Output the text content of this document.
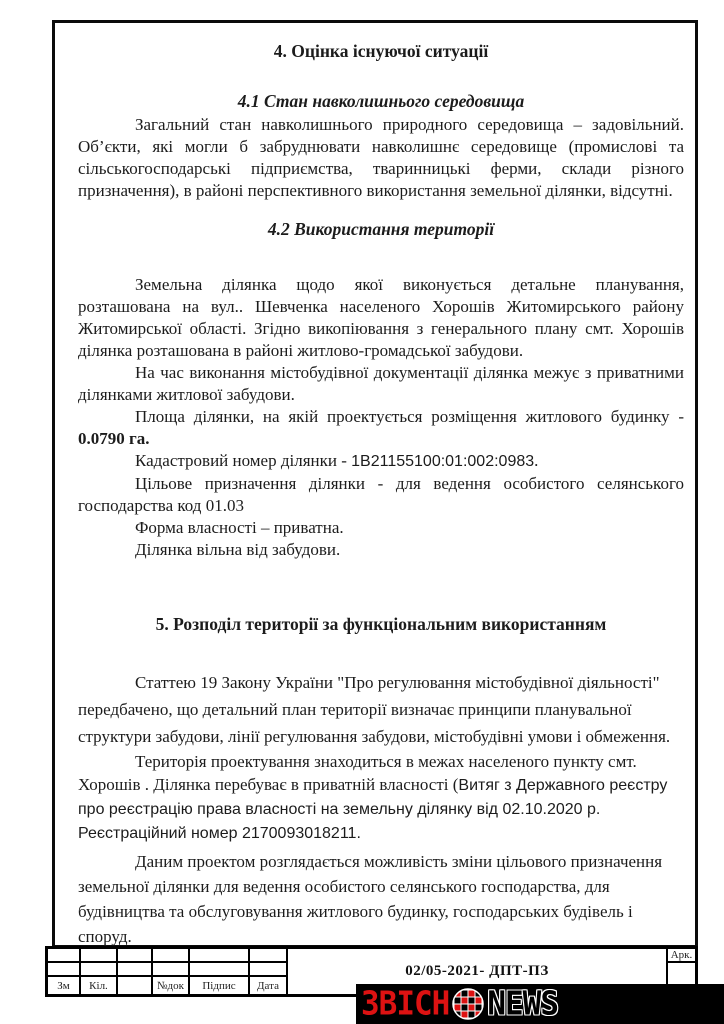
4. Оцінка існуючої ситуації
4.1 Стан навколишнього середовища

Загальний стан навколишнього природного середовища – задовільний. Об’єкти, які могли б забруднювати навколишнє середовище (промислові та сільськогосподарські підприємства, тваринницькі ферми, склади різного призначення), в районі перспективного використання земельної ділянки, відсутні.

4.2 Використання території

Земельна ділянка щодо якої виконується детальне планування, розташована на вул.. Шевченка населеного Хорошів Житомирського району Житомирської області. Згідно викопіювання з генерального плану смт. Хорошів ділянка розташована в районі житлово-громадської забудови.

На час виконання містобудівної документації ділянка межує з приватними ділянками житлової забудови.

Площа ділянки, на якій проектується розміщення житлового будинку - 0.0790 га.

Кадастровий номер ділянки - 1В21155100:01:002:0983.

Цільове призначення ділянки - для ведення особистого селянського господарства код 01.03

Форма власності – приватна.

Ділянка вільна від забудови.

5. Розподіл території за функціональним використанням

Статтею 19 Закону України "Про регулювання містобудівної діяльності" передбачено, що детальний план території визначає принципи планувальної структури забудови, лінії регулювання забудови, містобудівні умови і обмеження.

Територія проектування знаходиться в межах населеного пункту смт. Хорошів . Ділянка перебуває в приватній власності (Витяг з Державного реєстру про реєстрацію права власності на земельну ділянку від 02.10.2020 р. Реєстраційний номер 2170093018211.

Даним проектом розглядається можливість зміни цільового призначення земельної ділянки для ведення особистого селянського господарства, для будівництва та обслуговування житлового будинку, господарських будівель і споруд.

Зм	Кіл.	№док	Підпис	Дата
02/05-2021- ДПТ-ПЗ
Арк.
ЗВІСН NEWS
